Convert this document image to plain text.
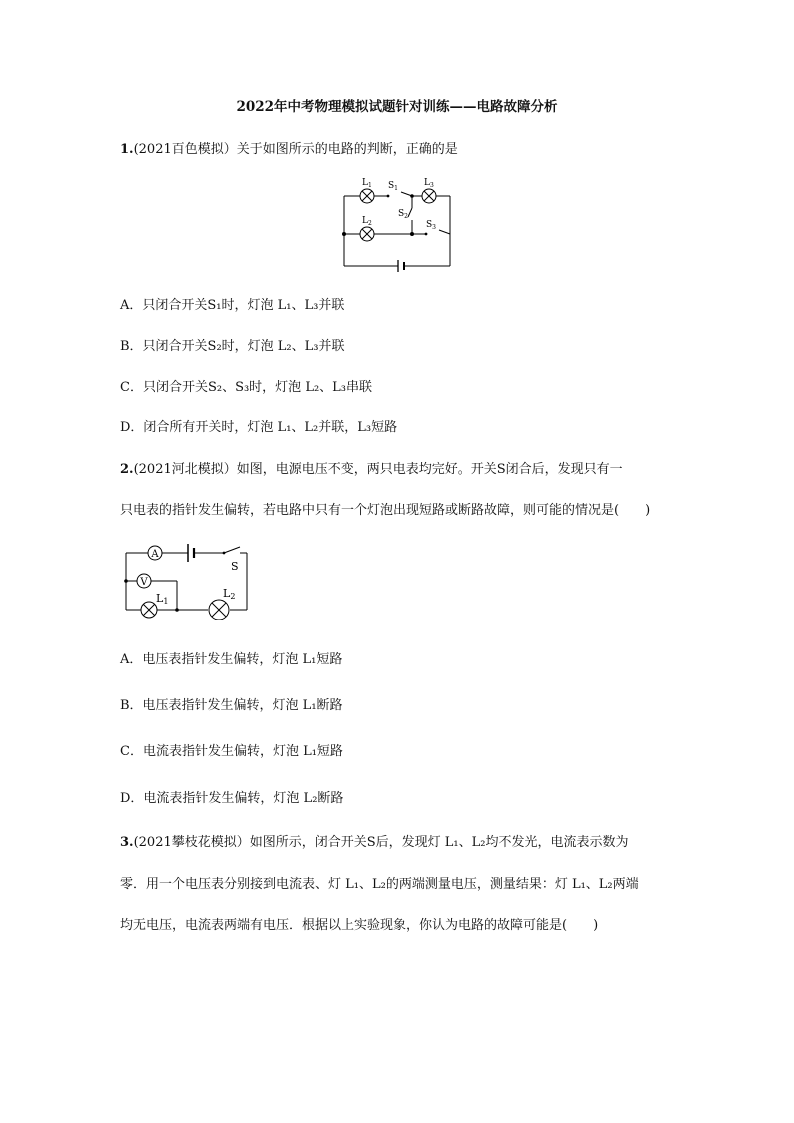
2022年中考物理模拟试题针对训练——电路故障分析
1.(2021百色模拟）关于如图所示的电路的判断，正确的是
$L_1$	$L_3$
$L_2$
$S_1$
$S_2$
$S_3$
A．只闭合开关S₁时，灯泡 L₁、L₃并联
B．只闭合开关S₂时，灯泡 L₂、L₃并联
C．只闭合开关S₂、S₃时，灯泡 L₂、L₃串联
D．闭合所有开关时，灯泡 L₁、L₂并联，L₃短路
2.(2021河北模拟）如图，电源电压不变，两只电表均完好。开关S闭合后，发现只有一
只电表的指针发生偏转，若电路中只有一个灯泡出现短路或断路故障，则可能的情况是(　　)
A
V
S
L1
L2
A．电压表指针发生偏转，灯泡 L₁短路
B．电压表指针发生偏转，灯泡 L₁断路
C．电流表指针发生偏转，灯泡 L₁短路
D．电流表指针发生偏转，灯泡 L₂断路
3.(2021攀枝花模拟）如图所示，闭合开关S后，发现灯 L₁、L₂均不发光，电流表示数为
零．用一个电压表分别接到电流表、灯 L₁、L₂的两端测量电压，测量结果：灯 L₁、L₂两端
均无电压，电流表两端有电压．根据以上实验现象，你认为电路的故障可能是(　　)
